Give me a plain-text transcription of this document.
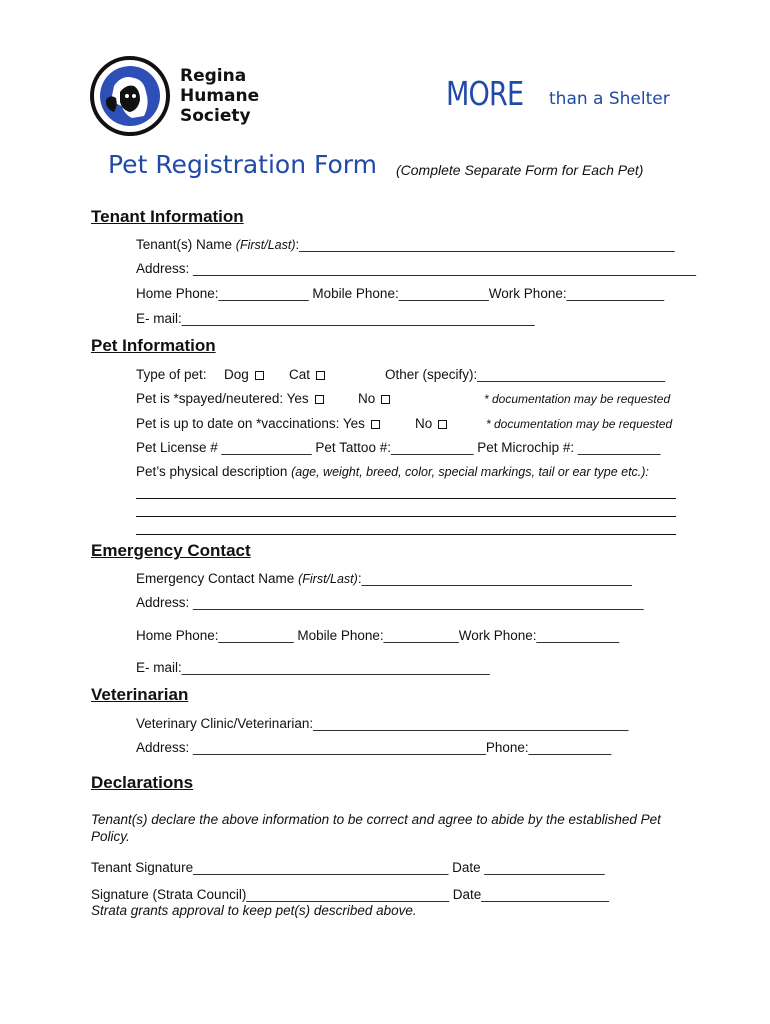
Regina
Humane
Society
MORE than a Shelter
Pet Registration Form (Complete Separate Form for Each Pet)
Tenant Information
Tenant(s) Name (First/Last):__________________________________________________
Address: ___________________________________________________________________
Home Phone:____________ Mobile Phone:____________Work Phone:_____________
E- mail:_______________________________________________
Pet Information
Type of pet: Dog	Cat	Other (specify):_________________________
Pet is *spayed/neutered: Yes	No	* documentation may be requested
Pet is up to date on *vaccinations: Yes	No	* documentation may be requested
Pet License # ____________ Pet Tattoo #:___________ Pet Microchip #: ___________
Pet’s physical description (age, weight, breed, color, special markings, tail or ear type etc.):
Emergency Contact
Emergency Contact Name (First/Last):____________________________________
Address: ____________________________________________________________
Home Phone:__________ Mobile Phone:__________Work Phone:___________
E- mail:_________________________________________
Veterinarian
Veterinary Clinic/Veterinarian:__________________________________________
Address: _______________________________________Phone:___________
Declarations
Tenant(s) declare the above information to be correct and agree to abide by the established Pet Policy.
Tenant Signature__________________________________ Date ________________
Signature (Strata Council)___________________________ Date_________________
Strata grants approval to keep pet(s) described above.
